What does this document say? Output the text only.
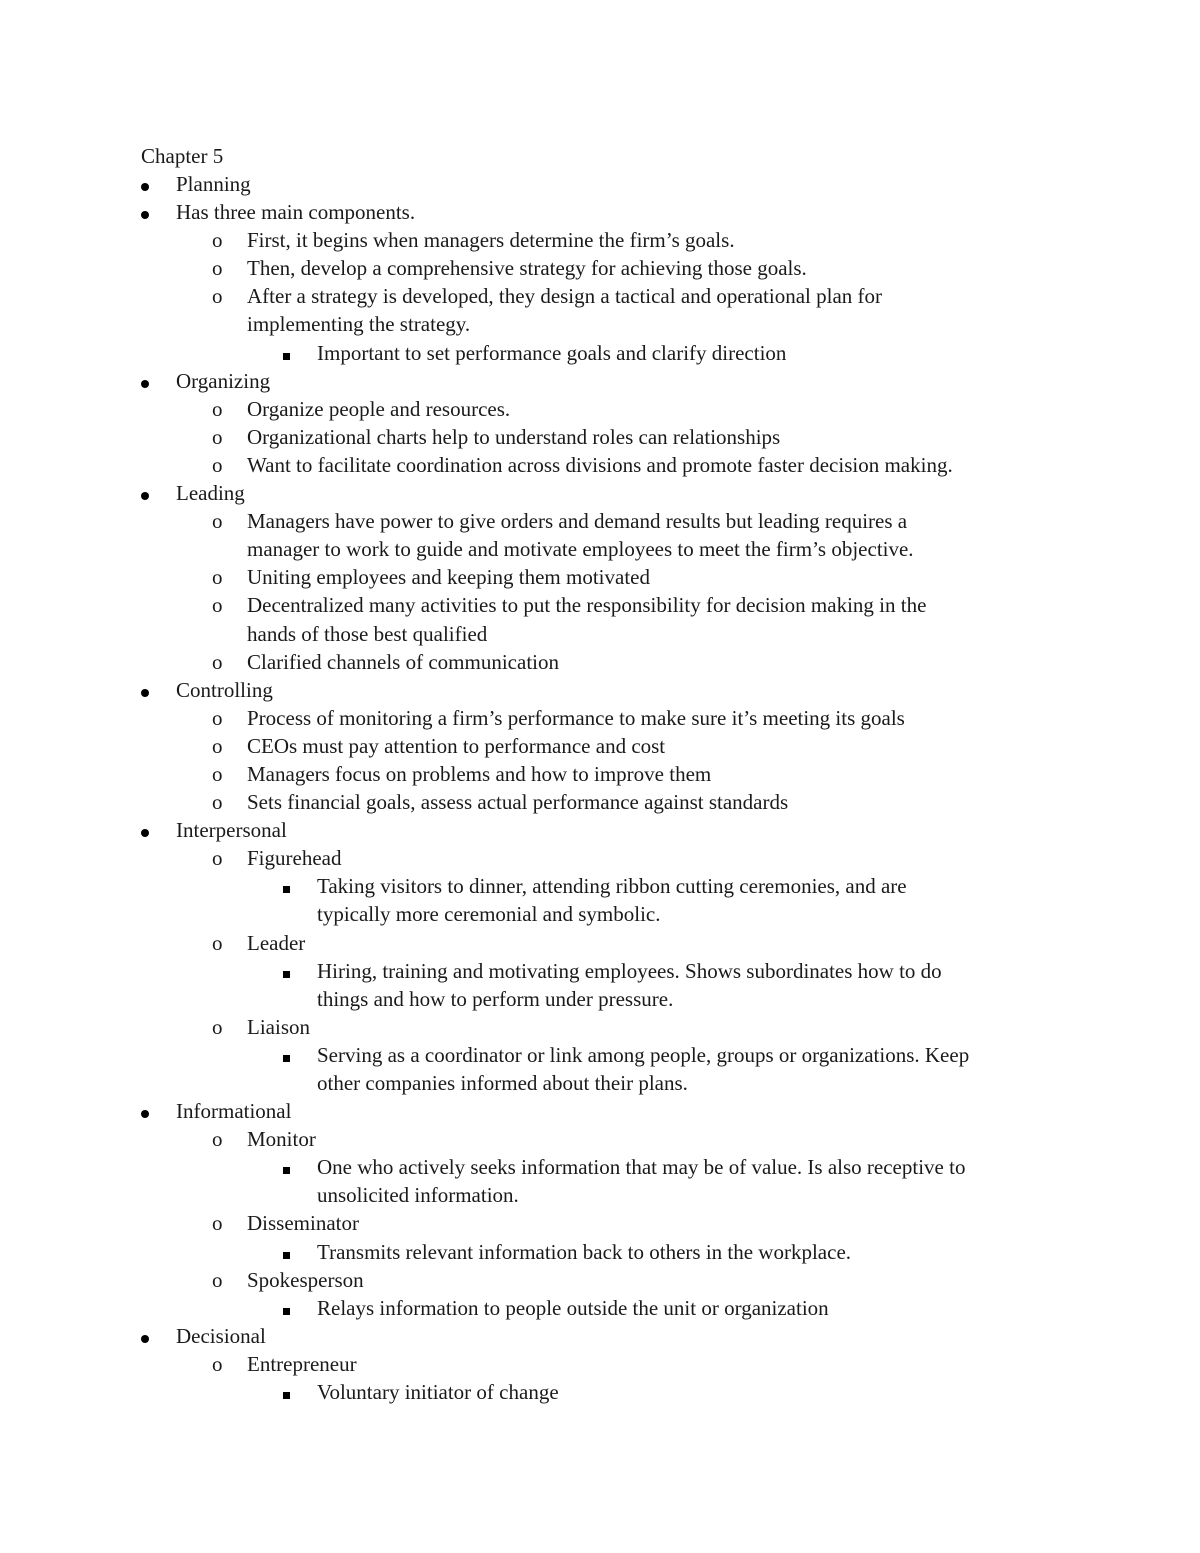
Chapter 5
Planning
Has three main components.
o First, it begins when managers determine the firm’s goals.
o Then, develop a comprehensive strategy for achieving those goals.
o After a strategy is developed, they design a tactical and operational plan for
implementing the strategy.
Important to set performance goals and clarify direction
Organizing
o Organize people and resources.
o Organizational charts help to understand roles can relationships
o Want to facilitate coordination across divisions and promote faster decision making.
Leading
o Managers have power to give orders and demand results but leading requires a
manager to work to guide and motivate employees to meet the firm’s objective.
o Uniting employees and keeping them motivated
o Decentralized many activities to put the responsibility for decision making in the
hands of those best qualified
o Clarified channels of communication
Controlling
o Process of monitoring a firm’s performance to make sure it’s meeting its goals
o CEOs must pay attention to performance and cost
o Managers focus on problems and how to improve them
o Sets financial goals, assess actual performance against standards
Interpersonal
o Figurehead
Taking visitors to dinner, attending ribbon cutting ceremonies, and are
typically more ceremonial and symbolic.
o Leader
Hiring, training and motivating employees. Shows subordinates how to do
things and how to perform under pressure.
o Liaison
Serving as a coordinator or link among people, groups or organizations. Keep
other companies informed about their plans.
Informational
o Monitor
One who actively seeks information that may be of value. Is also receptive to
unsolicited information.
o Disseminator
Transmits relevant information back to others in the workplace.
o Spokesperson
Relays information to people outside the unit or organization
Decisional
o Entrepreneur
Voluntary initiator of change
